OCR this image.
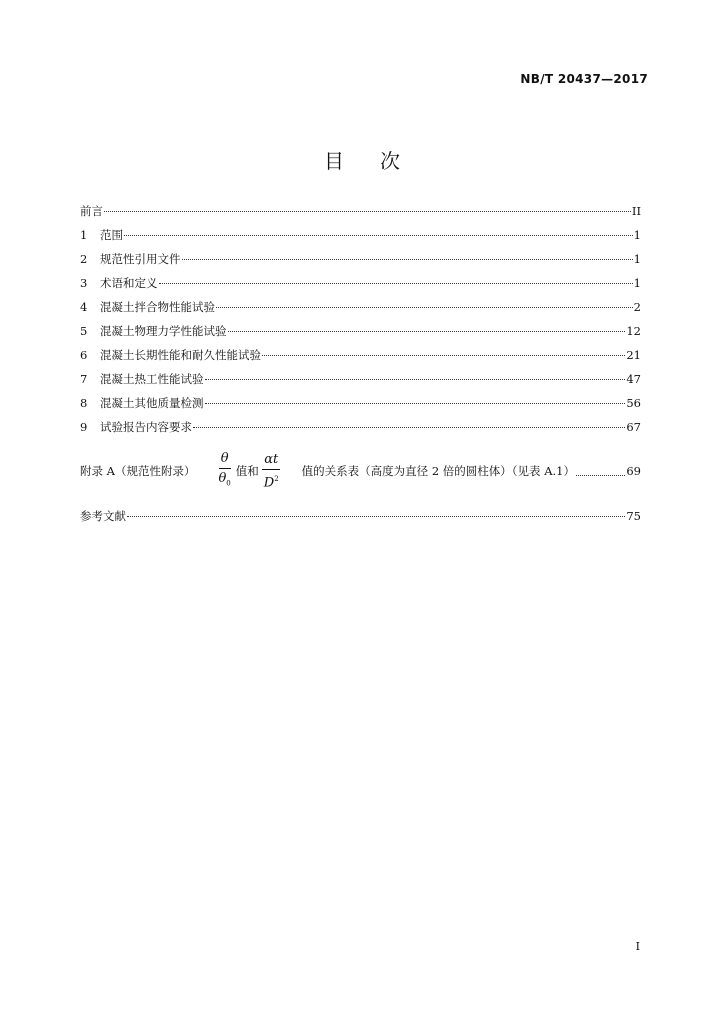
NB/T 20437—2017
目次
前言	II
1	范围	1
2	规范性引用文件	1
3	术语和定义	1
4	混凝土拌合物性能试验	2
5	混凝土物理力学性能试验	12
6	混凝土长期性能和耐久性能试验	21
7	混凝土热工性能试验	47
8	混凝土其他质量检测	56
9	试验报告内容要求	67
附录 A（规范性附录） $\frac{\theta}{\theta_0}$ 值和 $\frac{\alpha t}{D^2}$ 值的关系表（高度为直径 2 倍的圆柱体）（见表 A.1）	69
参考文献	75
I
